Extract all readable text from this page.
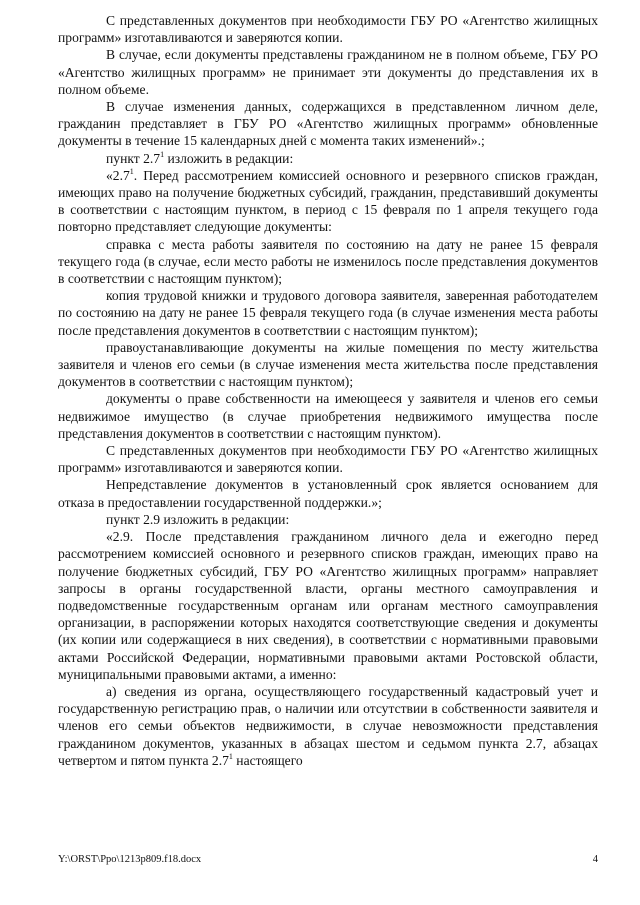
С представленных документов при необходимости ГБУ РО «Агентство жилищных программ» изготавливаются и заверяются копии.

В случае, если документы представлены гражданином не в полном объеме, ГБУ РО «Агентство жилищных программ» не принимает эти документы до представления их в полном объеме.

В случае изменения данных, содержащихся в представленном личном деле, гражданин представляет в ГБУ РО «Агентство жилищных программ» обновленные документы в течение 15 календарных дней с момента таких изменений».;

пункт $2.7^1$ изложить в редакции:

«$2.7^1$. Перед рассмотрением комиссией основного и резервного списков граждан, имеющих право на получение бюджетных субсидий, гражданин, представивший документы в соответствии с настоящим пунктом, в период с 15 февраля по 1 апреля текущего года повторно представляет следующие документы:

справка с места работы заявителя по состоянию на дату не ранее 15 февраля текущего года (в случае, если место работы не изменилось после представления документов в соответствии с настоящим пунктом);

копия трудовой книжки и трудового договора заявителя, заверенная работодателем по состоянию на дату не ранее 15 февраля текущего года (в случае изменения места работы после представления документов в соответствии с настоящим пунктом);

правоустанавливающие документы на жилые помещения по месту жительства заявителя и членов его семьи (в случае изменения места жительства после представления документов в соответствии с настоящим пунктом);

документы о праве собственности на имеющееся у заявителя и членов его семьи недвижимое имущество (в случае приобретения недвижимого имущества после представления документов в соответствии с настоящим пунктом).

С представленных документов при необходимости ГБУ РО «Агентство жилищных программ» изготавливаются и заверяются копии.

Непредставление документов в установленный срок является основанием для отказа в предоставлении государственной поддержки.»;

пункт 2.9 изложить в редакции:

«2.9. После представления гражданином личного дела и ежегодно перед рассмотрением комиссией основного и резервного списков граждан, имеющих право на получение бюджетных субсидий, ГБУ РО «Агентство жилищных программ» направляет запросы в органы государственной власти, органы местного самоуправления и подведомственные государственным органам или органам местного самоуправления организации, в распоряжении которых находятся соответствующие сведения и документы (их копии или содержащиеся в них сведения), в соответствии с нормативными правовыми актами Российской Федерации, нормативными правовыми актами Ростовской области, муниципальными правовыми актами, а именно:

а) сведения из органа, осуществляющего государственный кадастровый учет и государственную регистрацию прав, о наличии или отсутствии в собственности заявителя и членов его семьи объектов недвижимости, в случае невозможности представления гражданином документов, указанных в абзацах шестом и седьмом пункта 2.7, абзацах четвертом и пятом пункта $2.7^1$ настоящего

Y:\ORST\Ppo\1213p809.f18.docx	4
